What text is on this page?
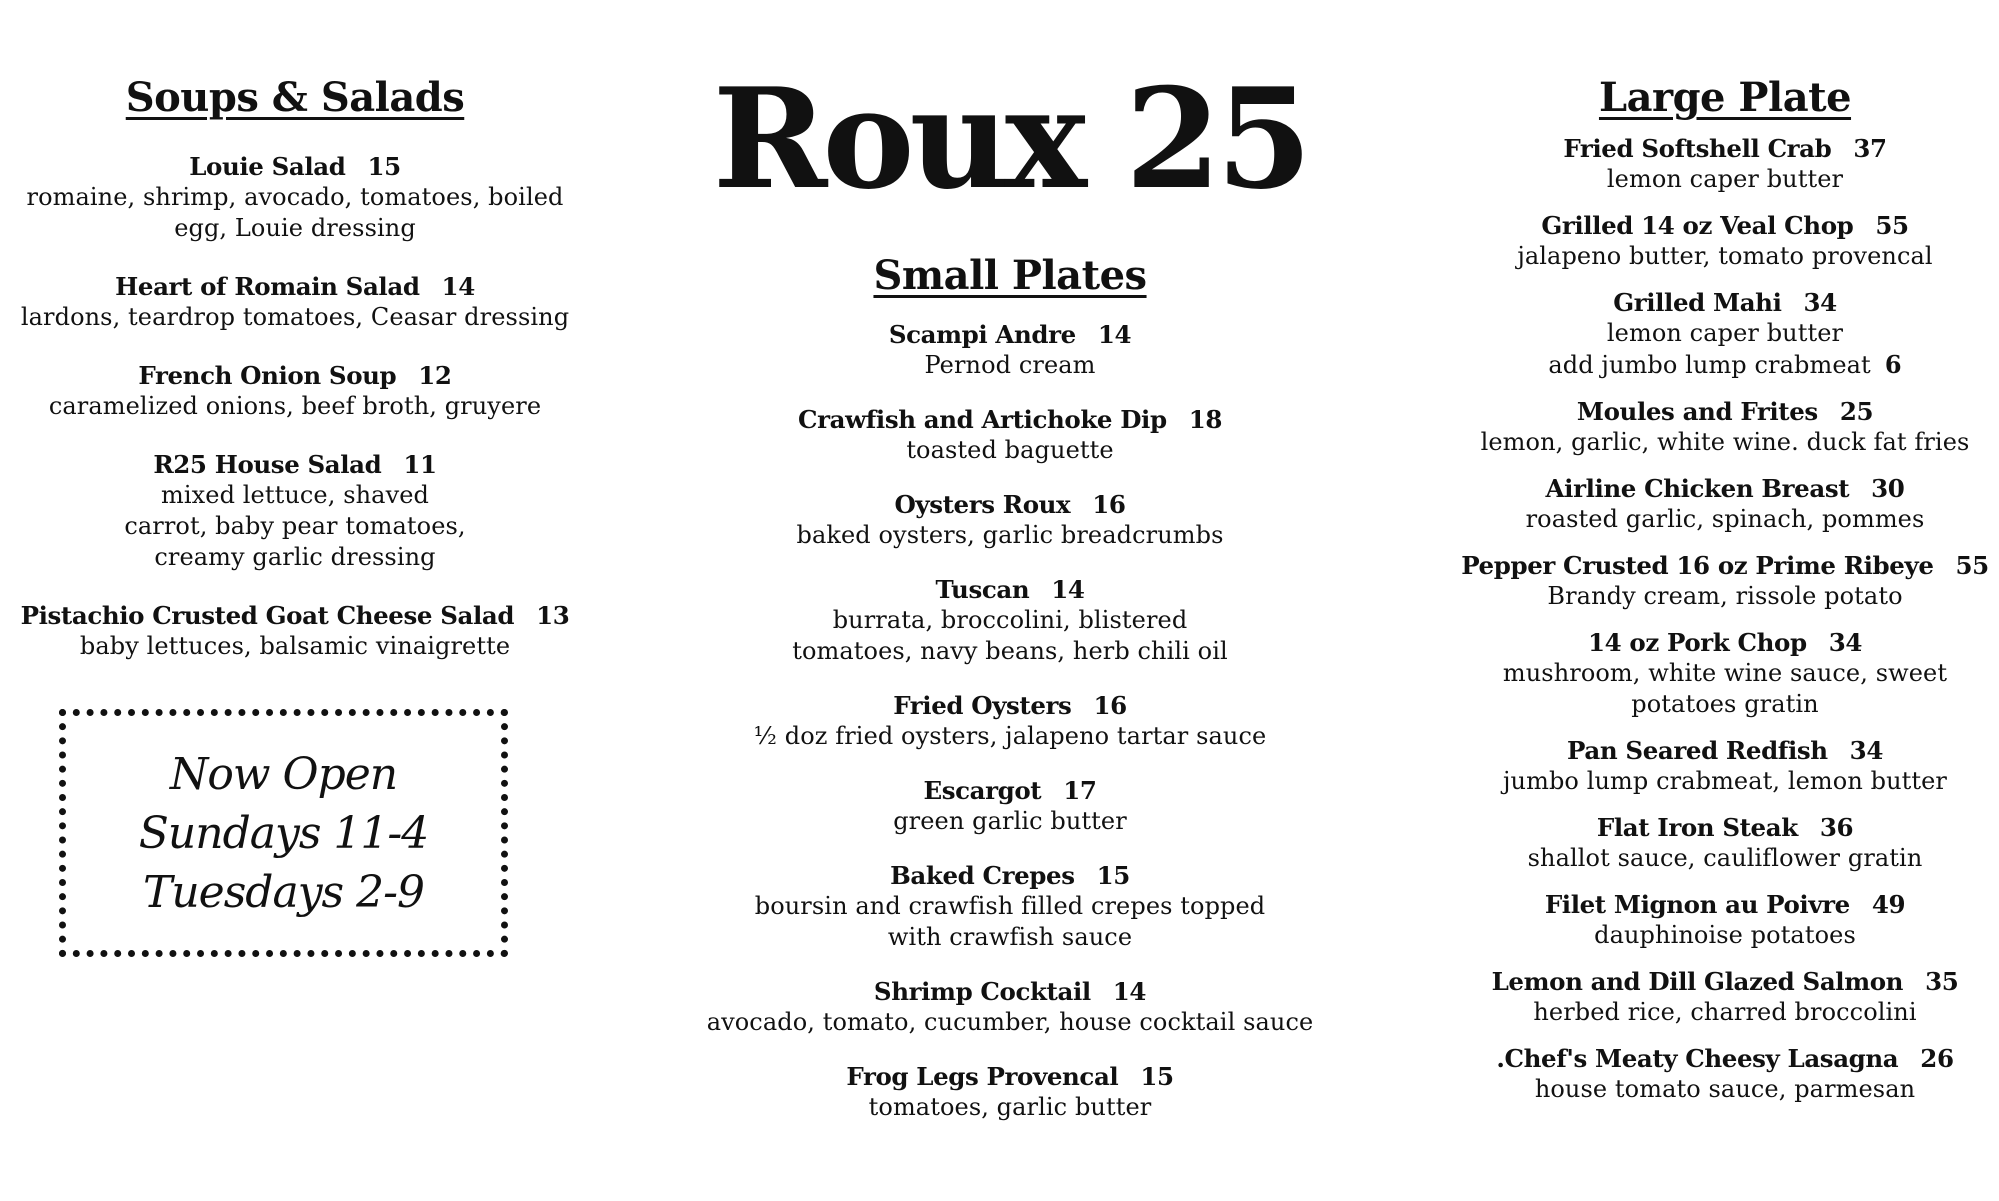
Soups & Salads
Louie Salad 15
romaine, shrimp, avocado, tomatoes, boiled egg, Louie dressing
Heart of Romain Salad 14
lardons, teardrop tomatoes, Ceasar dressing
French Onion Soup 12
caramelized onions, beef broth, gruyere
R25 House Salad 11
mixed lettuce, shaved carrot, baby pear tomatoes, creamy garlic dressing
Pistachio Crusted Goat Cheese Salad 13
baby lettuces, balsamic vinaigrette
Now Open
Sundays 11-4
Tuesdays 2-9
Roux 25
Small Plates
Scampi Andre 14
Pernod cream
Crawfish and Artichoke Dip 18
toasted baguette
Oysters Roux 16
baked oysters, garlic breadcrumbs
Tuscan 14
burrata, broccolini, blistered tomatoes, navy beans, herb chili oil
Fried Oysters 16
½ doz fried oysters, jalapeno tartar sauce
Escargot 17
green garlic butter
Baked Crepes 15
boursin and crawfish filled crepes topped with crawfish sauce
Shrimp Cocktail 14
avocado, tomato, cucumber, house cocktail sauce
Frog Legs Provencal 15
tomatoes, garlic butter
Large Plate
Fried Softshell Crab 37
lemon caper butter
Grilled 14 oz Veal Chop 55
jalapeno butter, tomato provencal
Grilled Mahi 34
lemon caper butter
add jumbo lump crabmeat 6
Moules and Frites 25
lemon, garlic, white wine. duck fat fries
Airline Chicken Breast 30
roasted garlic, spinach, pommes
Pepper Crusted 16 oz Prime Ribeye 55
Brandy cream, rissole potato
14 oz Pork Chop 34
mushroom, white wine sauce, sweet potatoes gratin
Pan Seared Redfish 34
jumbo lump crabmeat, lemon butter
Flat Iron Steak 36
shallot sauce, cauliflower gratin
Filet Mignon au Poivre 49
dauphinoise potatoes
Lemon and Dill Glazed Salmon 35
herbed rice, charred broccolini
.Chef's Meaty Cheesy Lasagna 26
house tomato sauce, parmesan
